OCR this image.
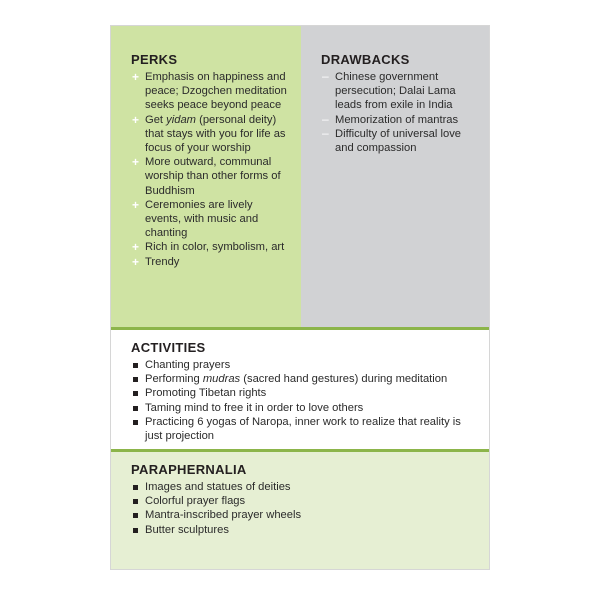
PERKS
+ Emphasis on happiness and peace; Dzogchen meditation seeks peace beyond peace
+ Get yidam (personal deity) that stays with you for life as focus of your worship
+ More outward, communal worship than other forms of Buddhism
+ Ceremonies are lively events, with music and chanting
+ Rich in color, symbolism, art
+ Trendy
DRAWBACKS
– Chinese government persecution; Dalai Lama leads from exile in India
– Memorization of mantras
– Difficulty of universal love and compassion
ACTIVITIES
Chanting prayers
Performing mudras (sacred hand gestures) during meditation
Promoting Tibetan rights
Taming mind to free it in order to love others
Practicing 6 yogas of Naropa, inner work to realize that reality is just projection
PARAPHERNALIA
Images and statues of deities
Colorful prayer flags
Mantra-inscribed prayer wheels
Butter sculptures
